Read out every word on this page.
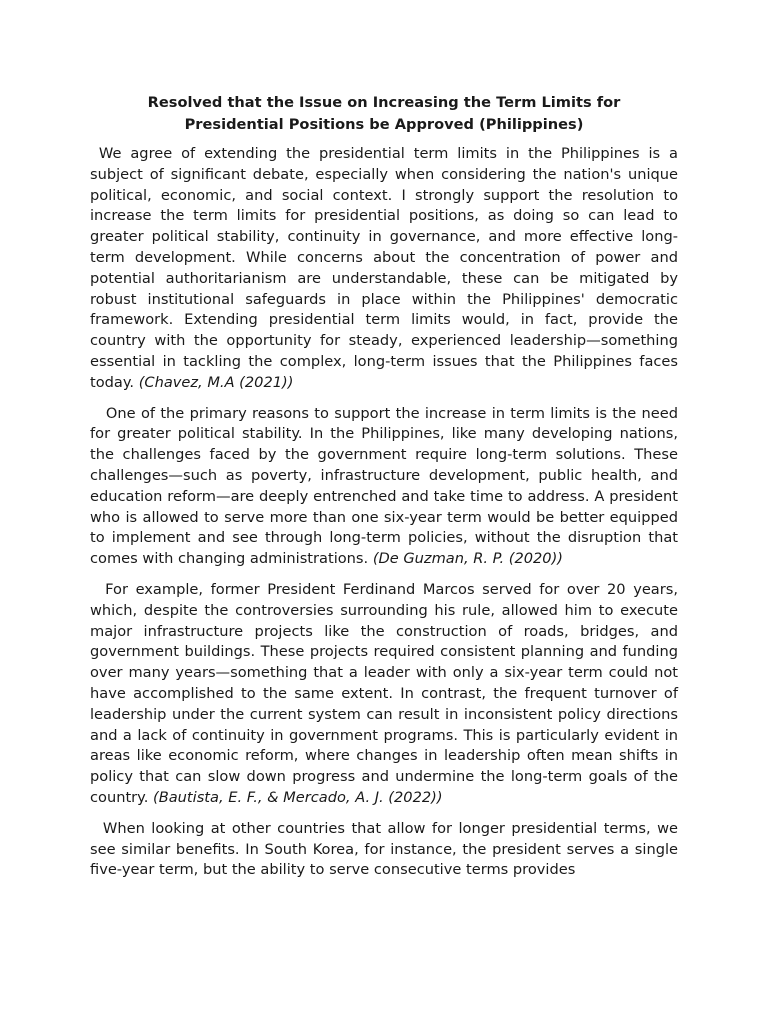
Resolved that the Issue on Increasing the Term Limits for
Presidential Positions be Approved (Philippines)

We agree of extending the presidential term limits in the Philippines is a subject of significant debate, especially when considering the nation's unique political, economic, and social context. I strongly support the resolution to increase the term limits for presidential positions, as doing so can lead to greater political stability, continuity in governance, and more effective long-term development. While concerns about the concentration of power and potential authoritarianism are understandable, these can be mitigated by robust institutional safeguards in place within the Philippines' democratic framework. Extending presidential term limits would, in fact, provide the country with the opportunity for steady, experienced leadership—something essential in tackling the complex, long-term issues that the Philippines faces today. (Chavez, M.A (2021))

One of the primary reasons to support the increase in term limits is the need for greater political stability. In the Philippines, like many developing nations, the challenges faced by the government require long-term solutions. These challenges—such as poverty, infrastructure development, public health, and education reform—are deeply entrenched and take time to address. A president who is allowed to serve more than one six-year term would be better equipped to implement and see through long-term policies, without the disruption that comes with changing administrations. (De Guzman, R. P. (2020))

For example, former President Ferdinand Marcos served for over 20 years, which, despite the controversies surrounding his rule, allowed him to execute major infrastructure projects like the construction of roads, bridges, and government buildings. These projects required consistent planning and funding over many years—something that a leader with only a six-year term could not have accomplished to the same extent. In contrast, the frequent turnover of leadership under the current system can result in inconsistent policy directions and a lack of continuity in government programs. This is particularly evident in areas like economic reform, where changes in leadership often mean shifts in policy that can slow down progress and undermine the long-term goals of the country. (Bautista, E. F., & Mercado, A. J. (2022))

When looking at other countries that allow for longer presidential terms, we see similar benefits. In South Korea, for instance, the president serves a single five-year term, but the ability to serve consecutive terms provides
